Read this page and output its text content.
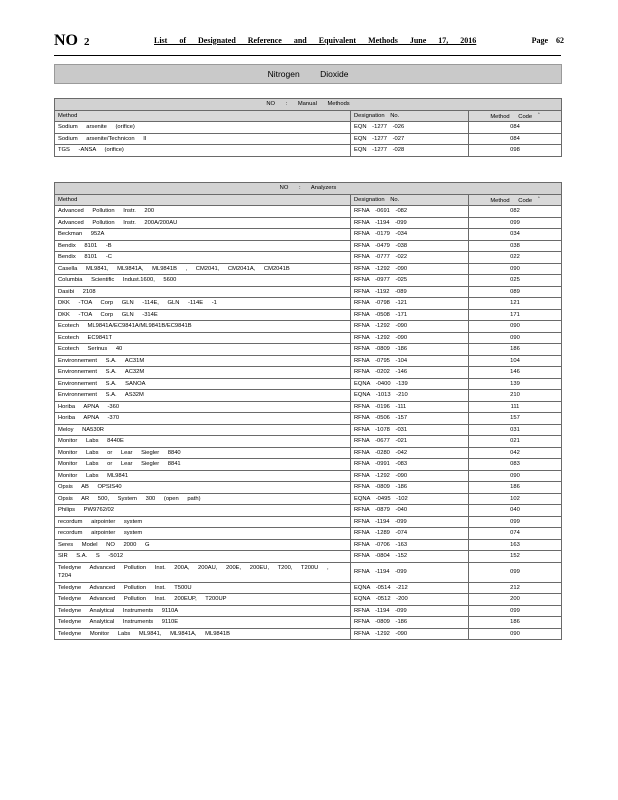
NO 2	List of Designated Reference and Equivalent Methods June 17, 2016	Page 62
Nitrogen Dioxide
NO : Manual Methods		
Method	Designation No.	Method Code*
Sodium arsenite (orifice)	EQN -1277 -026	084
Sodium arsenite/Technicon II	EQN -1277 -027	084
TGS -ANSA (orifice)	EQN -1277 -028	098
NO : Analyzers		
Method	Designation No.	Method Code*
Advanced Pollution Instr. 200	RFNA -0691 -082	082
Advanced Pollution Instr. 200A/200AU	RFNA -1194 -099	099
Beckman 952A	RFNA -0179 -034	034
Bendix 8101 -B	RFNA -0479 -038	038
Bendix 8101 -C	RFNA -0777 -022	022
Casella ML9841, ML9841A, ML9841B , CM2041, CM2041A, CM2041B	RFNA -1292 -090	090
Columbia Scientific Indust.1600, 5600	RFNA -0977 -025	025
Dasibi 2108	RFNA -1192 -089	089
DKK -TOA Corp GLN -114E, GLN -114E -1	RFNA -0798 -121	121
DKK -TOA Corp GLN -314E	RFNA -0508 -171	171
Ecotech ML9841A/EC9841A/ML9841B/EC9841B	RFNA -1292 -090	090
Ecotech EC9841T	RFNA -1292 -090	090
Ecotech Serinus 40	RFNA -0809 -186	186
Environnement S.A. AC31M	RFNA -0795 -104	104
Environnement S.A. AC32M	RFNA -0202 -146	146
Environnement S.A. SANOA	EQNA -0400 -139	139
Environnement S.A. AS32M	EQNA -1013 -210	210
Horiba APNA -360	RFNA -0196 -111	111
Horiba APNA -370	RFNA -0506 -157	157
Meloy NA530R	RFNA -1078 -031	031
Monitor Labs 8440E	RFNA -0677 -021	021
Monitor Labs or Lear Siegler 8840	RFNA -0280 -042	042
Monitor Labs or Lear Siegler 8841	RFNA -0991 -083	083
Monitor Labs ML9841	RFNA -1292 -090	090
Opsis AB OPSIS40	RFNA -0809 -186	186
Opsis AR 500, System 300 (open path)	EQNA -0495 -102	102
Philips PW9762/02	RFNA -0879 -040	040
recordum airpointer system	RFNA -1194 -099	099
recordum airpointer system	RFNA -1289 -074	074
Seres Model NO 2000 G	RFNA -0706 -163	163
SIR S.A. S -5012	RFNA -0804 -152	152
Teledyne Advanced Pollution Inst. 200A, 200AU, 200E, 200EU, T200, T200U , T204	RFNA -1194 -099	099
Teledyne Advanced Pollution Inst. T500U	EQNA -0514 -212	212
Teledyne Advanced Pollution Inst. 200EUP, T200UP	EQNA -0512 -200	200
Teledyne Analytical Instruments 9110A	RFNA -1194 -099	099
Teledyne Analytical Instruments 9110E	RFNA -0809 -186	186
Teledyne Monitor Labs ML9841, ML9841A, ML9841B	RFNA -1292 -090	090
